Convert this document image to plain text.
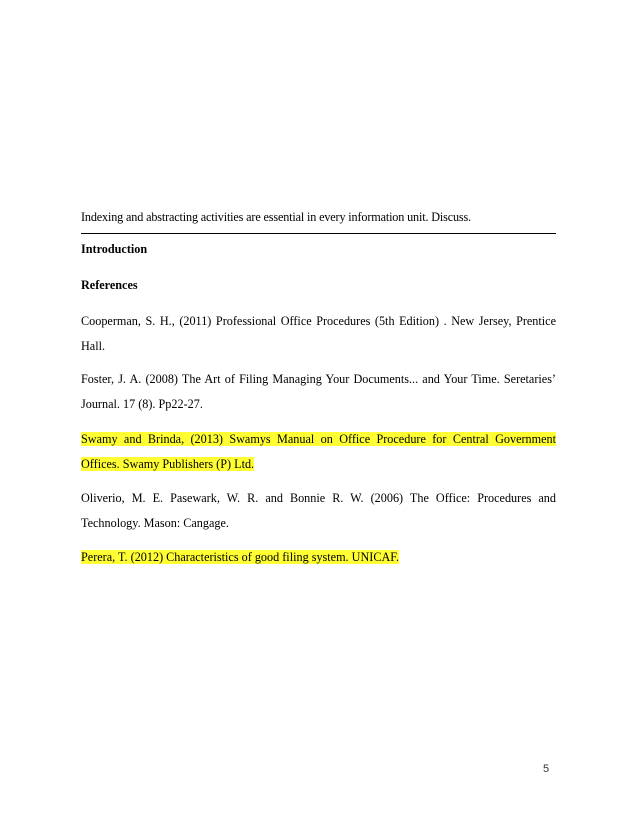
Indexing and abstracting activities are essential in every information unit. Discuss.
Introduction
References
Cooperman, S. H., (2011) Professional Office Procedures (5th Edition) . New Jersey, Prentice Hall.
Foster, J. A. (2008) The Art of Filing Managing Your Documents... and Your Time. Seretaries’ Journal. 17 (8). Pp22-27.
Swamy and Brinda, (2013) Swamys Manual on Office Procedure for Central Government Offices. Swamy Publishers (P) Ltd.
Oliverio, M. E. Pasewark, W. R. and Bonnie R. W. (2006) The Office: Procedures and Technology. Mason: Cangage.
Perera, T. (2012) Characteristics of good filing system. UNICAF.
5
